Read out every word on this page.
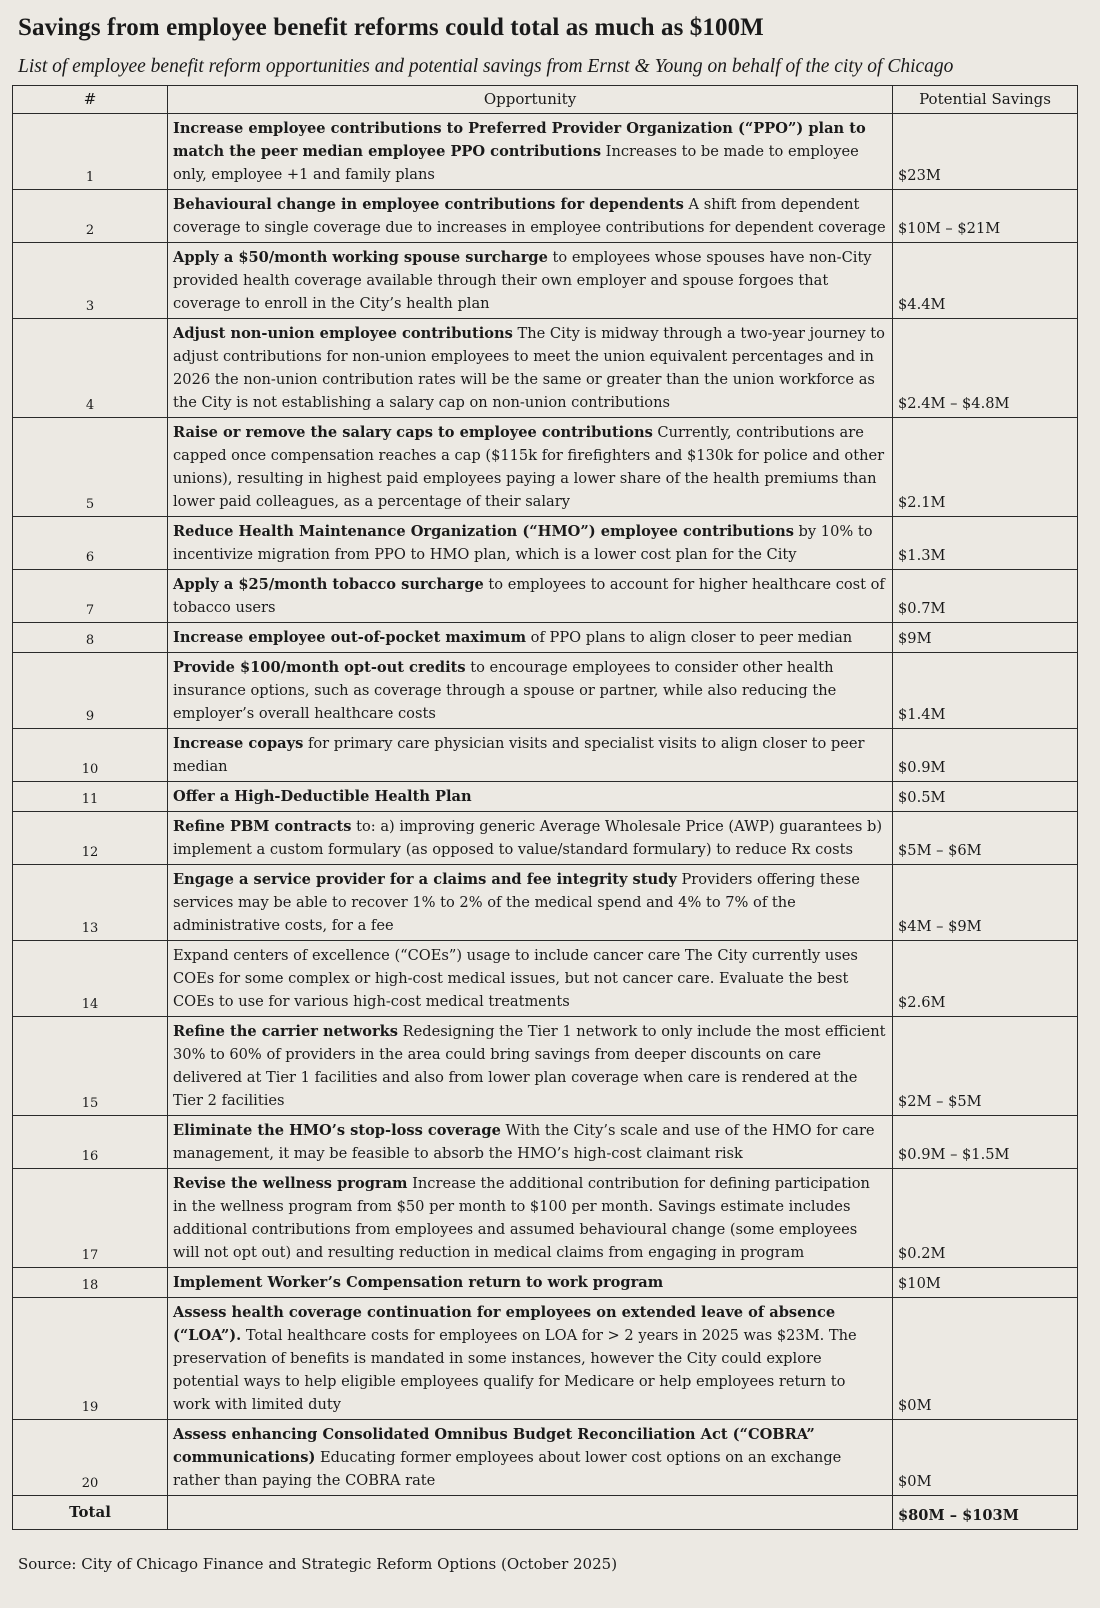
Savings from employee benefit reforms could total as much as $100M
List of employee benefit reform opportunities and potential savings from Ernst & Young on behalf of the city of Chicago
#	Opportunity	Potential Savings
1	Increase employee contributions to Preferred Provider Organization (“PPO”) plan to match the peer median employee PPO contributions Increases to be made to employee only, employee +1 and family plans	$23M
2	Behavioural change in employee contributions for dependents A shift from dependent coverage to single coverage due to increases in employee contributions for dependent coverage	$10M – $21M
3	Apply a $50/month working spouse surcharge to employees whose spouses have non-City provided health coverage available through their own employer and spouse forgoes that coverage to enroll in the City’s health plan	$4.4M
4	Adjust non-union employee contributions The City is midway through a two-year journey to adjust contributions for non-union employees to meet the union equivalent percentages and in 2026 the non-union contribution rates will be the same or greater than the union workforce as the City is not establishing a salary cap on non-union contributions	$2.4M – $4.8M
5	Raise or remove the salary caps to employee contributions Currently, contributions are capped once compensation reaches a cap ($115k for firefighters and $130k for police and other unions), resulting in highest paid employees paying a lower share of the health premiums than lower paid colleagues, as a percentage of their salary	$2.1M
6	Reduce Health Maintenance Organization (“HMO”) employee contributions by 10% to incentivize migration from PPO to HMO plan, which is a lower cost plan for the City	$1.3M
7	Apply a $25/month tobacco surcharge to employees to account for higher healthcare cost of tobacco users	$0.7M
8	Increase employee out-of-pocket maximum of PPO plans to align closer to peer median	$9M
9	Provide $100/month opt-out credits to encourage employees to consider other health insurance options, such as coverage through a spouse or partner, while also reducing the employer’s overall healthcare costs	$1.4M
10	Increase copays for primary care physician visits and specialist visits to align closer to peer median	$0.9M
11	Offer a High-Deductible Health Plan	$0.5M
12	Refine PBM contracts to: a) improving generic Average Wholesale Price (AWP) guarantees b) implement a custom formulary (as opposed to value/standard formulary) to reduce Rx costs	$5M – $6M
13	Engage a service provider for a claims and fee integrity study Providers offering these services may be able to recover 1% to 2% of the medical spend and 4% to 7% of the administrative costs, for a fee	$4M – $9M
14	Expand centers of excellence (“COEs”) usage to include cancer care The City currently uses COEs for some complex or high-cost medical issues, but not cancer care. Evaluate the best COEs to use for various high-cost medical treatments	$2.6M
15	Refine the carrier networks Redesigning the Tier 1 network to only include the most efficient 30% to 60% of providers in the area could bring savings from deeper discounts on care delivered at Tier 1 facilities and also from lower plan coverage when care is rendered at the Tier 2 facilities	$2M – $5M
16	Eliminate the HMO’s stop-loss coverage With the City’s scale and use of the HMO for care management, it may be feasible to absorb the HMO’s high-cost claimant risk	$0.9M – $1.5M
17	Revise the wellness program Increase the additional contribution for defining participation in the wellness program from $50 per month to $100 per month. Savings estimate includes additional contributions from employees and assumed behavioural change (some employees will not opt out) and resulting reduction in medical claims from engaging in program	$0.2M
18	Implement Worker’s Compensation return to work program	$10M
19	Assess health coverage continuation for employees on extended leave of absence (“LOA”). Total healthcare costs for employees on LOA for > 2 years in 2025 was $23M. The preservation of benefits is mandated in some instances, however the City could explore potential ways to help eligible employees qualify for Medicare or help employees return to work with limited duty	$0M
20	Assess enhancing Consolidated Omnibus Budget Reconciliation Act (“COBRA” communications) Educating former employees about lower cost options on an exchange rather than paying the COBRA rate	$0M
Total		$80M – $103M
Source: City of Chicago Finance and Strategic Reform Options (October 2025)
